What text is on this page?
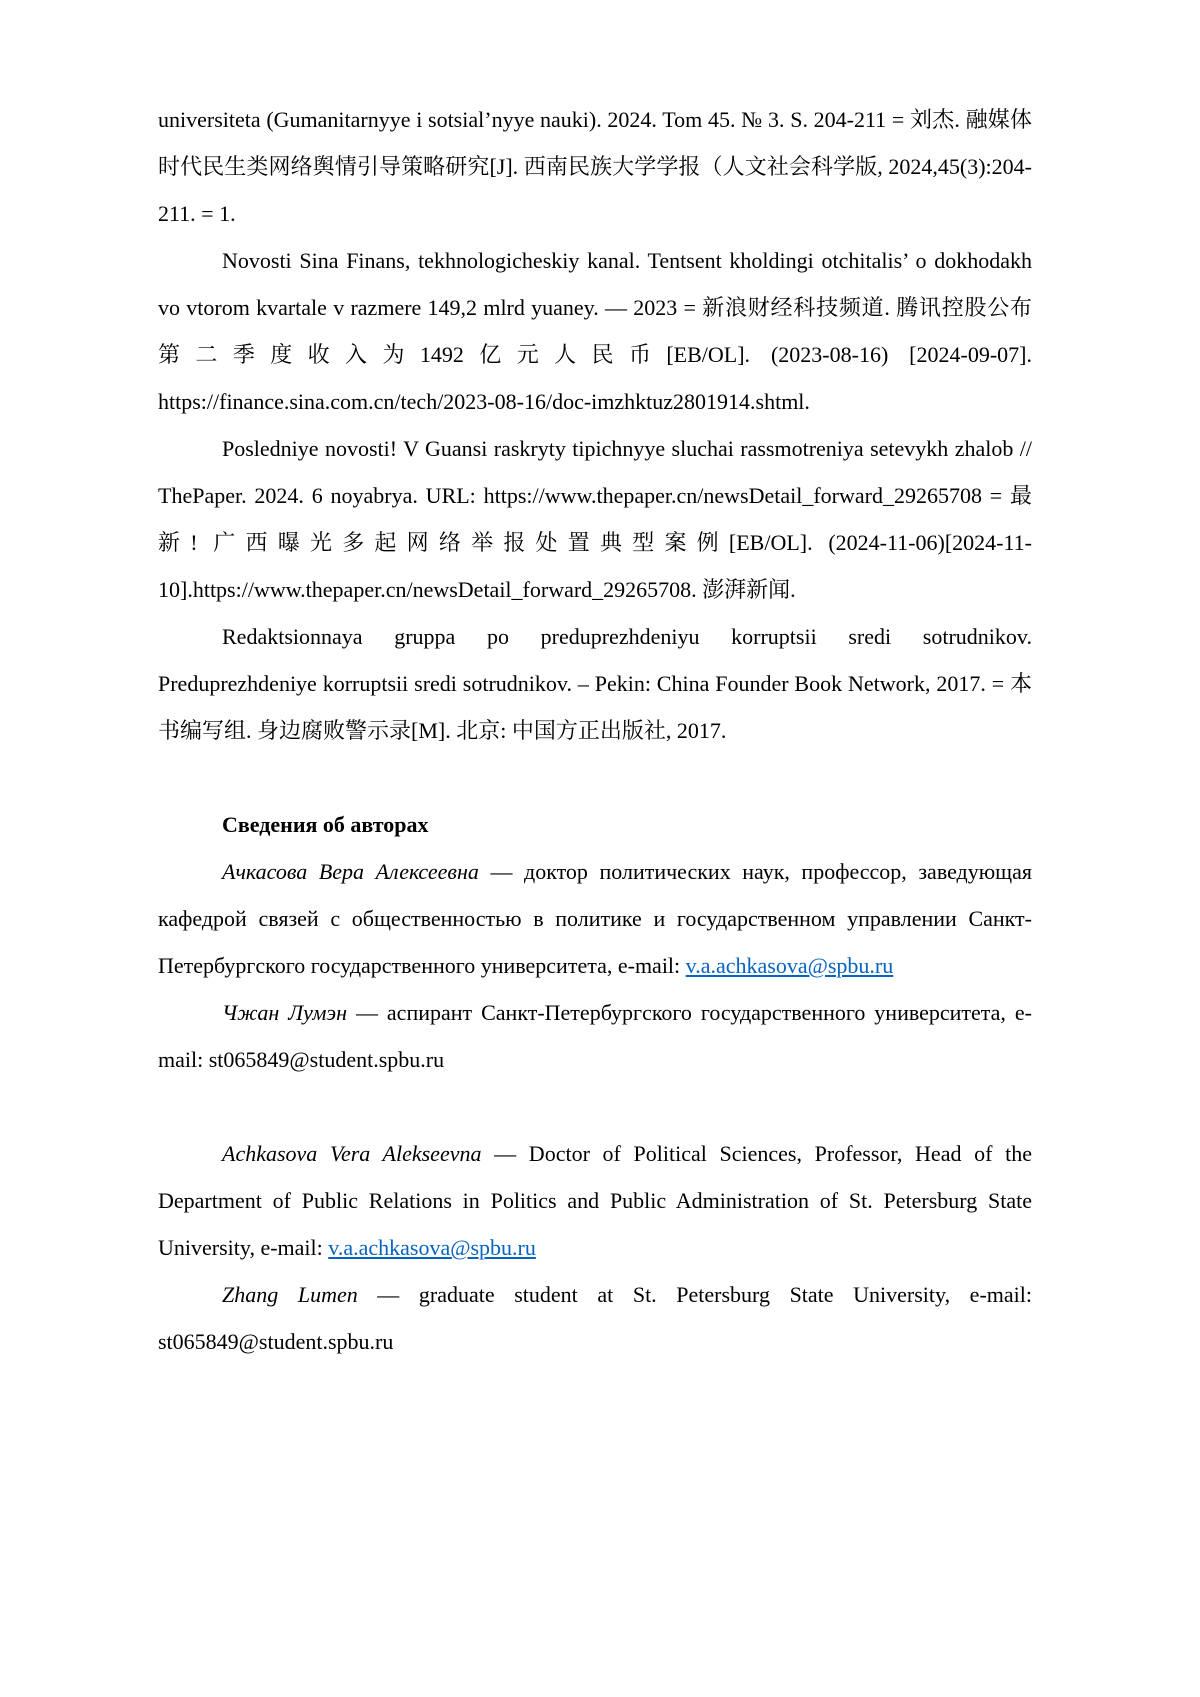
universiteta (Gumanitarnyye i sotsial’nyye nauki). 2024. Tom 45. № 3. S. 204-211 = 刘杰. 融媒体时代民生类网络舆情引导策略研究[J]. 西南民族大学学报（人文社会科学版, 2024,45(3):204-211. = 1.

Novosti Sina Finans, tekhnologicheskiy kanal. Tentsent kholdingi otchitalis’ o dokhodakh vo vtorom kvartale v razmere 149,2 mlrd yuaney. — 2023 = 新浪财经科技频道. 腾讯控股公布第二季度收入为1492亿元人民币[EB/OL]. (2023-08-16) [2024-09-07]. https://finance.sina.com.cn/tech/2023-08-16/doc-imzhktuz2801914.shtml.

Posledniye novosti! V Guansi raskryty tipichnyye sluchai rassmotreniya setevykh zhalob // ThePaper. 2024. 6 noyabrya. URL: https://www.thepaper.cn/newsDetail_forward_29265708 = 最新! 广西曝光多起网络举报处置典型案例[EB/OL]. (2024-11-06)[2024-11-10].https://www.thepaper.cn/newsDetail_forward_29265708. 澎湃新闻.

Redaktsionnaya gruppa po preduprezhdeniyu korruptsii sredi sotrudnikov. Preduprezhdeniye korruptsii sredi sotrudnikov. – Pekin: China Founder Book Network, 2017. = 本书编写组. 身边腐败警示录[M]. 北京: 中国方正出版社, 2017.

Сведения об авторах

Ачкасова Вера Алексеевна — доктор политических наук, профессор, заведующая кафедрой связей с общественностью в политике и государственном управлении Санкт-Петербургского государственного университета, e-mail: v.a.achkasova@spbu.ru

Чжан Лумэн — аспирант Санкт-Петербургского государственного университета, e-mail: st065849@student.spbu.ru

Achkasova Vera Alekseevna — Doctor of Political Sciences, Professor, Head of the Department of Public Relations in Politics and Public Administration of St. Petersburg State University, e-mail: v.a.achkasova@spbu.ru

Zhang Lumen — graduate student at St. Petersburg State University, e-mail: st065849@student.spbu.ru
